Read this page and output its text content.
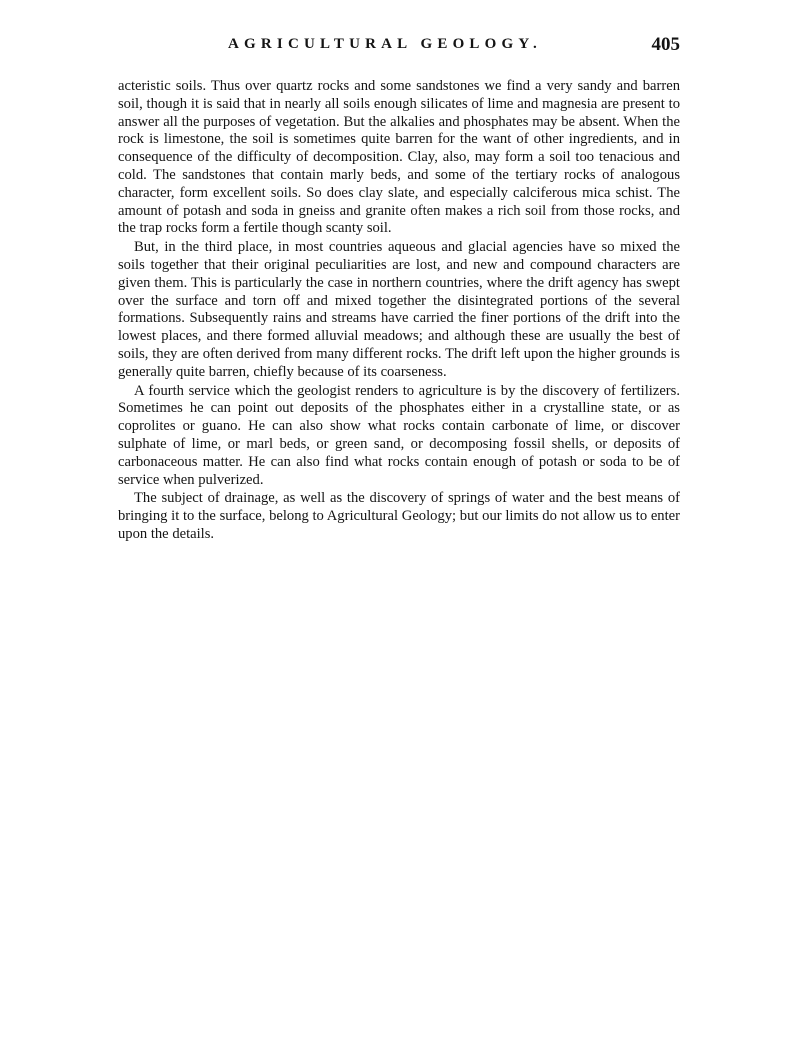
AGRICULTURAL GEOLOGY.	405

acteristic soils. Thus over quartz rocks and some sandstones we find a very sandy and barren soil, though it is said that in nearly all soils enough silicates of lime and magnesia are present to answer all the purposes of vegetation. But the alkalies and phosphates may be absent. When the rock is limestone, the soil is sometimes quite barren for the want of other ingredients, and in consequence of the difficulty of decomposition. Clay, also, may form a soil too tenacious and cold. The sandstones that contain marly beds, and some of the tertiary rocks of analogous character, form excellent soils. So does clay slate, and especially calciferous mica schist. The amount of potash and soda in gneiss and granite often makes a rich soil from those rocks, and the trap rocks form a fertile though scanty soil.

But, in the third place, in most countries aqueous and glacial agencies have so mixed the soils together that their original peculiarities are lost, and new and compound characters are given them. This is particularly the case in northern countries, where the drift agency has swept over the surface and torn off and mixed together the disintegrated portions of the several formations. Subsequently rains and streams have carried the finer portions of the drift into the lowest places, and there formed alluvial meadows; and although these are usually the best of soils, they are often derived from many different rocks. The drift left upon the higher grounds is generally quite barren, chiefly because of its coarseness.

A fourth service which the geologist renders to agriculture is by the discovery of fertilizers. Sometimes he can point out deposits of the phosphates either in a crystalline state, or as coprolites or guano. He can also show what rocks contain carbonate of lime, or discover sulphate of lime, or marl beds, or green sand, or decomposing fossil shells, or deposits of carbonaceous matter. He can also find what rocks contain enough of potash or soda to be of service when pulverized.

The subject of drainage, as well as the discovery of springs of water and the best means of bringing it to the surface, belong to Agricultural Geology; but our limits do not allow us to enter upon the details.
